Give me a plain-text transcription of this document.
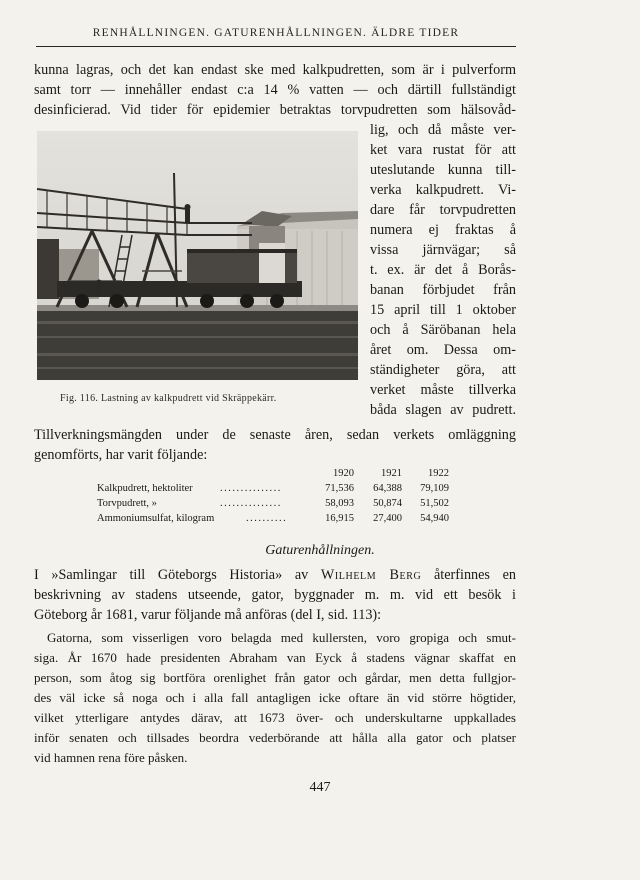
RENHÅLLNINGEN. GATURENHÅLLNINGEN. ÄLDRE TIDER
kunna lagras, och det kan endast ske med kalkpudretten, som är i pulverform
samt torr — innehåller endast c:a 14 % vatten — och därtill fullständigt
desinficierad. Vid tider för epidemier betraktas torvpudretten som hälsovåd-
Fig. 116. Lastning av kalkpudrett vid Skräppekärr.
lig, och då måste ver-
ket vara rustat för att
uteslutande kunna till-
verka kalkpudrett. Vi-
dare får torvpudretten
numera ej fraktas å
vissa järnvägar; så
t. ex. är det å Borås-
banan förbjudet från
15 april till 1 oktober
och å Säröbanan hela
året om. Dessa om-
ständigheter göra, att
verket måste tillverka
båda slagen av pudrett.
Tillverkningsmängden under de senaste åren, sedan verkets omläggning
genomförts, har varit följande:
1920	1921	1922
Kalkpudrett, hektoliter	...............	71,536	64,388	79,109
Torvpudrett, »	...............	58,093	50,874	51,502
Ammoniumsulfat, kilogram	..........	16,915	27,400	54,940
Gaturenhållningen.
I »Samlingar till Göteborgs Historia» av Wilhelm Berg återfinnes en
beskrivning av stadens utseende, gator, byggnader m. m. vid ett besök i
Göteborg år 1681, varur följande må anföras (del I, sid. 113):
Gatorna, som visserligen voro belagda med kullersten, voro gropiga och smut-
siga. År 1670 hade presidenten Abraham van Eyck å stadens vägnar skaffat en
person, som åtog sig bortföra orenlighet från gator och gårdar, men detta fullgjor-
des väl icke så noga och i alla fall antagligen icke oftare än vid större högtider,
vilket ytterligare antydes därav, att 1673 över- och underskultarne uppkallades
inför senaten och tillsades beordra vederbörande att hålla alla gator och platser
vid hamnen rena före påsken.
447
